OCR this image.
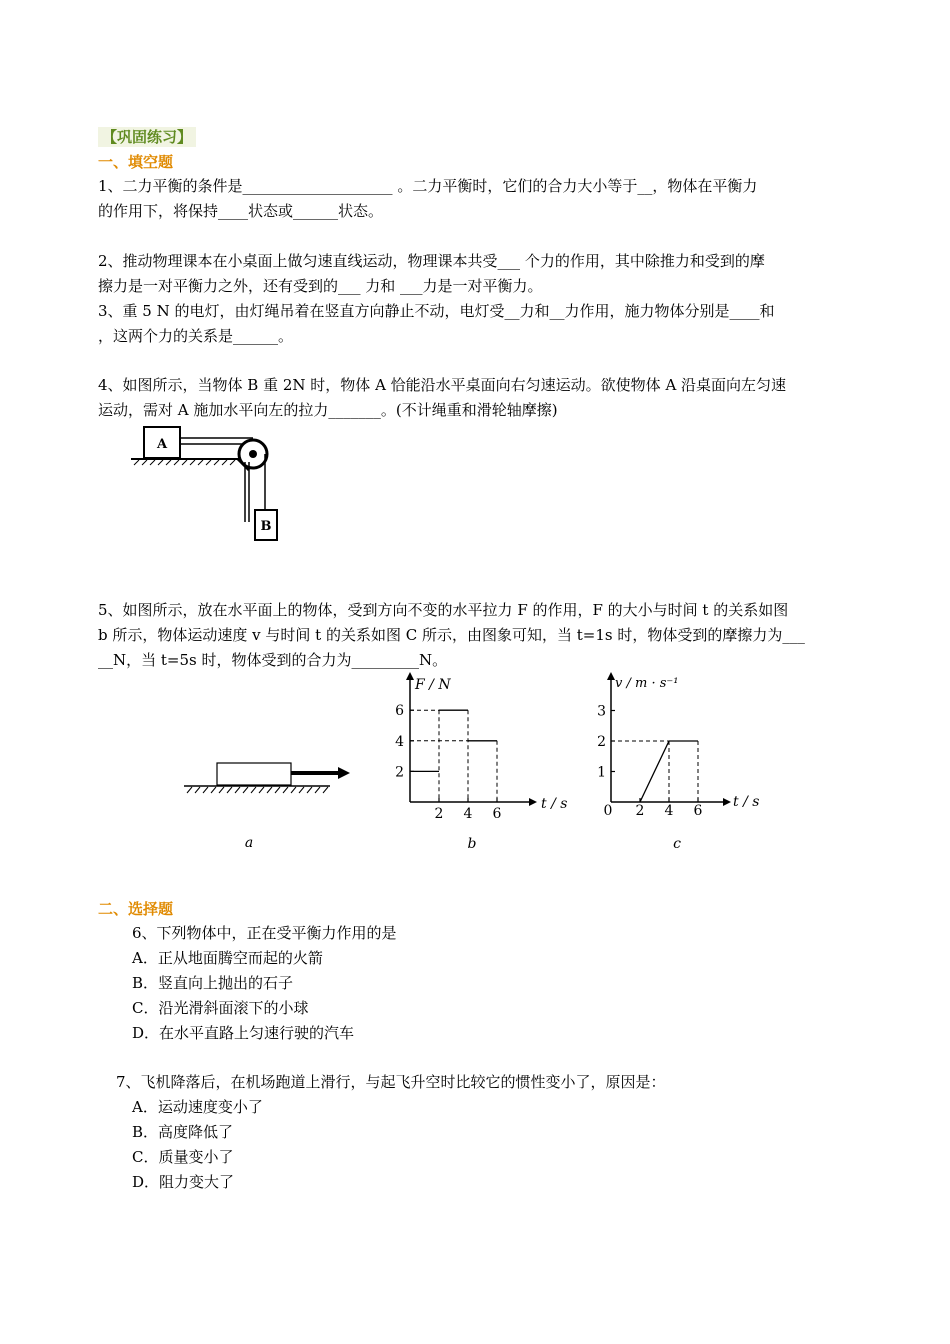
【巩固练习】
一、填空题
1、二力平衡的条件是____________________ 。二力平衡时，它们的合力大小等于__，物体在平衡力
的作用下，将保持____状态或______状态。
2、推动物理课本在小桌面上做匀速直线运动，物理课本共受___ 个力的作用，其中除推力和受到的摩
擦力是一对平衡力之外，还有受到的___ 力和 ___力是一对平衡力。
3、重 5 N 的电灯，由灯绳吊着在竖直方向静止不动，电灯受__力和__力作用，施力物体分别是____和
，这两个力的关系是______。
4、如图所示，当物体 B 重 2N 时，物体 A 恰能沿水平桌面向右匀速运动。欲使物体 A 沿桌面向左匀速
运动，需对 A 施加水平向左的拉力_______。(不计绳重和滑轮轴摩擦)
A
B
5、如图所示，放在水平面上的物体，受到方向不变的水平拉力 F 的作用，F 的大小与时间 t 的关系如图
b 所示，物体运动速度 v 与时间 t 的关系如图 C 所示，由图象可知，当 t=1s 时，物体受到的摩擦力为___
__N，当 t=5s 时，物体受到的合力为_________N。
a
F / N
t / s
2 4 6
2
4
6
b
v / m · s⁻¹
t / s
0 2 4 6
1
2
3
c
二、选择题
6、下列物体中，正在受平衡力作用的是
A．正从地面腾空而起的火箭
B．竖直向上抛出的石子
C．沿光滑斜面滚下的小球
D．在水平直路上匀速行驶的汽车
7、飞机降落后，在机场跑道上滑行，与起飞升空时比较它的惯性变小了，原因是：
A．运动速度变小了
B．高度降低了
C．质量变小了
D．阻力变大了
